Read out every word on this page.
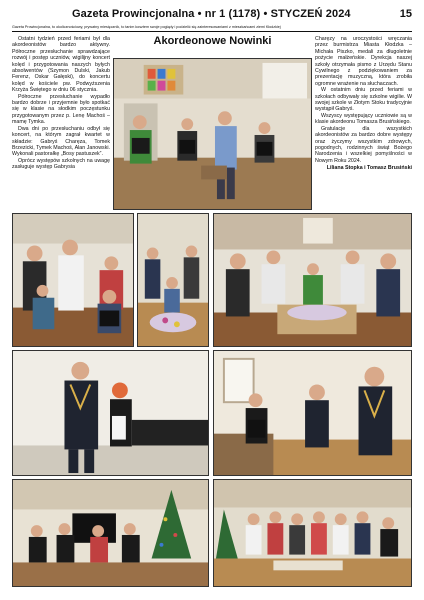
Gazeta Prowincjonalna • nr 1 (1178) • STYCZEŃ 2024	15
Gazeta Prowincjonalna, to okolicznościowy, prywatny miesięcznik, to tanim kosztem swoje poglądy i podzielić się zainteresowaniami z mieszkańcami ziemi Kłodzkiej
Akordeonowe Nowinki

Ostatni tydzień przed feriami był dla akordeonistów bardzo aktywny. Półroczne przesłuchanie sprawdzające rozwój i postęp uczniów, wigilijny koncert kolęd i przygotowania naszych byłych absolwentów (Szymon Dulski, Jakub Ferenz, Oskar Gałęski), do koncertu kolęd w kościele pw. Podwyższenia Krzyża Świętego w dniu 06 stycznia.

Półroczne przesłuchanie wypadło bardzo dobrze i przyjemnie było spotkać się w klasie na słodkim poczęstunku przygotowanym przez p. Lenę Machoś – mamę Tymka.

Dwa dni po przesłuchaniu odbył się koncert, na którym zagrał kwartet w składzie: Gabryś Charęza, Tomek Brzezicki, Tymek Machoś, Alan Janowski. Wykonali pastorałkę „Bosy pastuszek”.

Oprócz występów szkolnych na uwagę zasługuje występ Gabrysia

Charęzy na uroczystości wręczania przez burmistrza Miasta Kłodzka – Michała Piszko, medali za długoletnie pożycie małżeńskie. Dyrekcja naszej szkoły otrzymała pismo z Urzędu Stanu Cywilnego z podziękowaniem za prezentację muzyczną, która zrobiła ogromne wrażenie na słuchaczach.

W ostatnim dniu przed feriami w szkołach odbywały się szkolne wigilie. W swojej szkole w Złotym Stoku tradycyjnie wystąpił Gabryś.

Wszyscy występujący uczniowie są w klasie akordeonu Tomasza Brusińskiego.

Gratulacje dla wszystkich akordeonistów za bardzo dobre występy oraz życzymy wszystkim zdrowych, pogodnych, rodzinnych świąt Bożego Narodzenia i wszelkiej pomyślności w Nowym Roku 2024.

Liliana Stopka i Tomasz Brusiński
